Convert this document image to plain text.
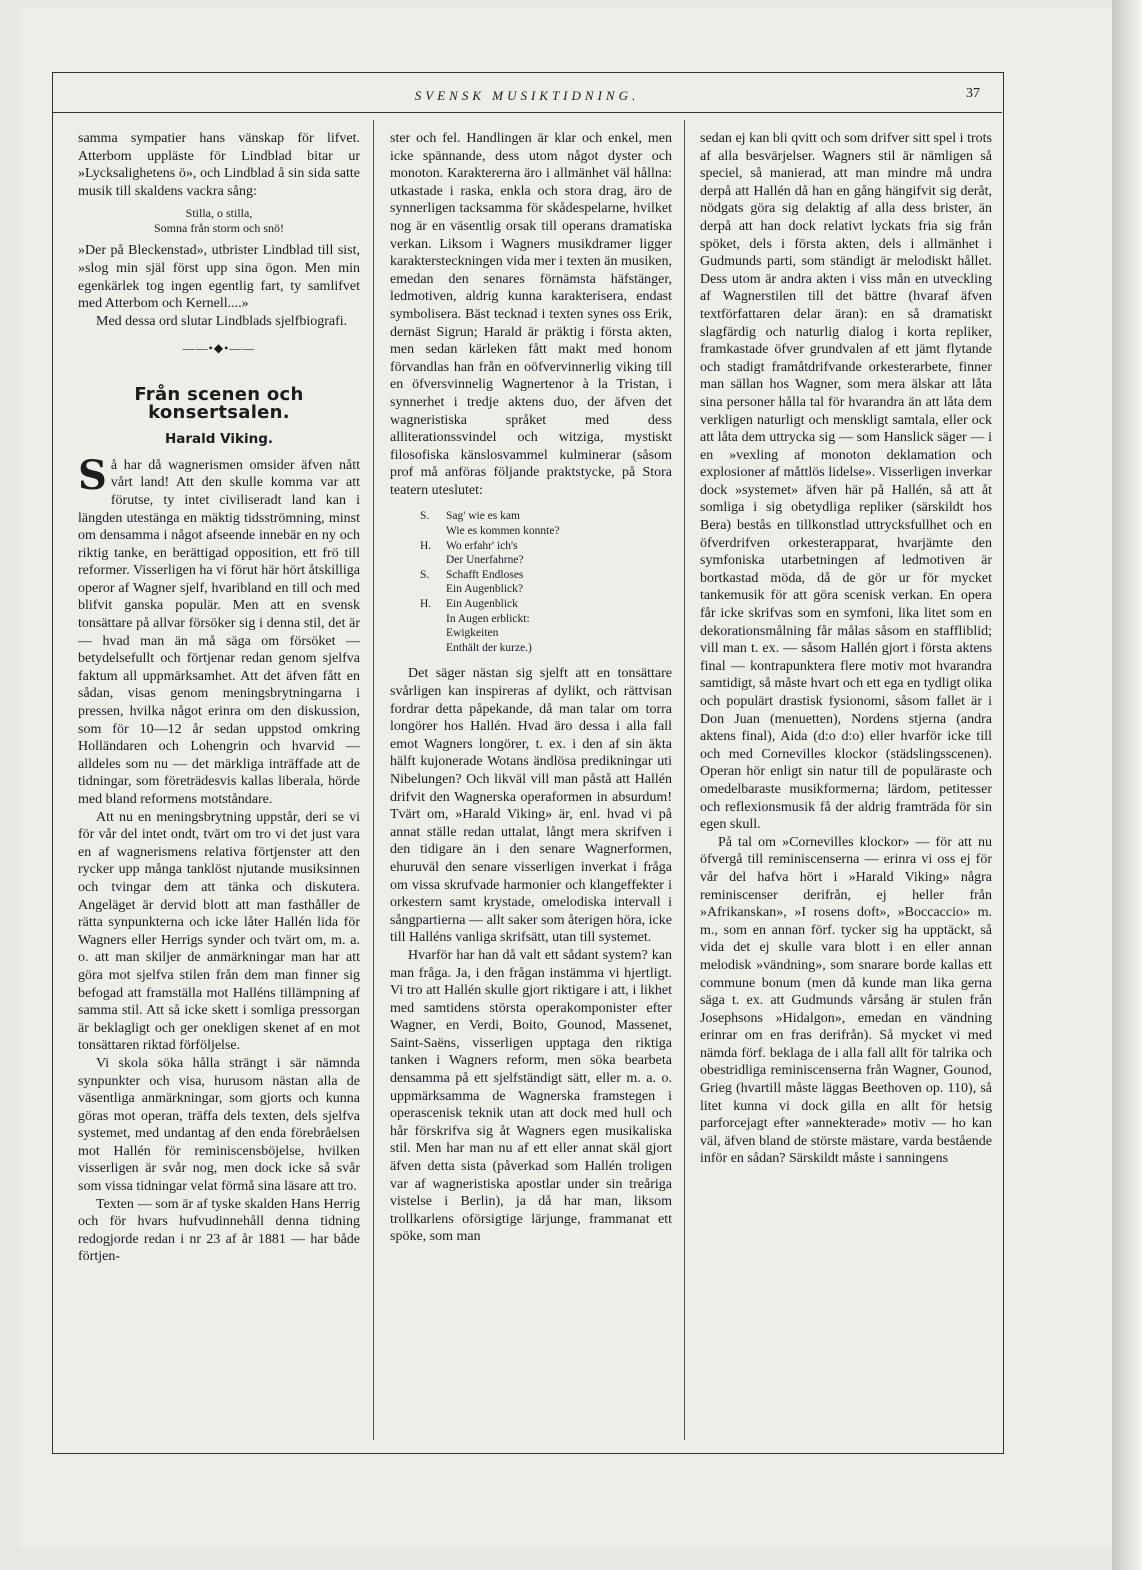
SVENSK MUSIKTIDNING.	37

samma sympatier hans vänskap för lifvet. Atterbom uppläste för Lindblad bitar ur »Lycksalighetens ö», och Lindblad å sin sida satte musik till skaldens vackra sång:

Stilla, o stilla,
Somna från storm och snö!

»Der på Bleckenstad», utbrister Lindblad till sist, »slog min själ först upp sina ögon. Men min egenkärlek tog ingen egentlig fart, ty samlifvet med Atterbom och Kernell....»

Med dessa ord slutar Lindblads sjelfbiografi.

——•◆•——
Från scenen och konsertsalen.
Harald Viking.

Så har då wagnerismen omsider äfven nått vårt land! Att den skulle komma var att förutse, ty intet civiliseradt land kan i längden utestänga en mäktig tidsströmning, minst om densamma i något afseende innebär en ny och riktig tanke, en berättigad opposition, ett frö till reformer. Visserligen ha vi förut här hört åtskilliga operor af Wagner sjelf, hvaribland en till och med blifvit ganska populär. Men att en svensk tonsättare på allvar försöker sig i denna stil, det är — hvad man än må säga om försöket — betydelsefullt och förtjenar redan genom sjelfva faktum all uppmärksamhet. Att det äfven fått en sådan, visas genom meningsbrytningarna i pressen, hvilka något erinra om den diskussion, som för 10—12 år sedan uppstod omkring Holländaren och Lohengrin och hvarvid — alldeles som nu — det märkliga inträffade att de tidningar, som företrädesvis kallas liberala, hörde med bland reformens motståndare.

Att nu en meningsbrytning uppstår, deri se vi för vår del intet ondt, tvärt om tro vi det just vara en af wagnerismens relativa förtjenster att den rycker upp många tanklöst njutande musiksinnen och tvingar dem att tänka och diskutera. Angeläget är dervid blott att man fasthåller de rätta synpunkterna och icke låter Hallén lida för Wagners eller Herrigs synder och tvärt om, m. a. o. att man skiljer de anmärkningar man har att göra mot sjelfva stilen från dem man finner sig befogad att framställa mot Halléns tillämpning af samma stil. Att så icke skett i somliga pressorgan är beklagligt och ger onekligen skenet af en mot tonsättaren riktad förföljelse.

Vi skola söka hålla strängt i sär nämnda synpunkter och visa, hurusom nästan alla de väsentliga anmärkningar, som gjorts och kunna göras mot operan, träffa dels texten, dels sjelfva systemet, med undantag af den enda förebråelsen mot Hallén för reminiscensböjelse, hvilken visserligen är svår nog, men dock icke så svår som vissa tidningar velat förmå sina läsare att tro.

Texten — som är af tyske skalden Hans Herrig och för hvars hufvudinnehåll denna tidning redogjorde redan i nr 23 af år 1881 — har både förtjen-

ster och fel. Handlingen är klar och enkel, men icke spännande, dess utom något dyster och monoton. Karaktererna äro i allmänhet väl hållna: utkastade i raska, enkla och stora drag, äro de synnerligen tacksamma för skådespelarne, hvilket nog är en väsentlig orsak till operans dramatiska verkan. Liksom i Wagners musikdramer ligger karaktersteckningen vida mer i texten än musiken, emedan den senares förnämsta häfstänger, ledmotiven, aldrig kunna karakterisera, endast symbolisera. Bäst tecknad i texten synes oss Erik, dernäst Sigrun; Harald är präktig i första akten, men sedan kärleken fått makt med honom förvandlas han från en oöfvervinnerlig viking till en öfversvinnelig Wagnertenor à la Tristan, i synnerhet i tredje aktens duo, der äfven det wagneristiska språket med dess alliterationssvindel och witziga, mystiskt filosofiska känslosvammel kulminerar (såsom prof må anföras följande praktstycke, på Stora teatern uteslutet:

S.	Sag' wie es kam
Wie es kommen konnte?
H.	Wo erfahr' ich's
Der Unerfahrne?
S.	Schafft Endloses
Ein Augenblick?
H.	Ein Augenblick
In Augen erblickt:
Ewigkeiten
Enthält der kurze.)

Det säger nästan sig sjelft att en tonsättare svårligen kan inspireras af dylikt, och rättvisan fordrar detta påpekande, då man talar om torra longörer hos Hallén. Hvad äro dessa i alla fall emot Wagners longörer, t. ex. i den af sin äkta hälft kujonerade Wotans ändlösa predikningar uti Nibelungen? Och likväl vill man påstå att Hallén drifvit den Wagnerska operaformen in absurdum! Tvärt om, »Harald Viking» är, enl. hvad vi på annat ställe redan uttalat, långt mera skrifven i den tidigare än i den senare Wagnerformen, ehuruväl den senare visserligen inverkat i fråga om vissa skrufvade harmonier och klangeffekter i orkestern samt krystade, omelodiska intervall i sångpartierna — allt saker som återigen höra, icke till Halléns vanliga skrifsätt, utan till systemet.

Hvarför har han då valt ett sådant system? kan man fråga. Ja, i den frågan instämma vi hjertligt. Vi tro att Hallén skulle gjort riktigare i att, i likhet med samtidens största operakomponister efter Wagner, en Verdi, Boito, Gounod, Massenet, Saint-Saëns, visserligen upptaga den riktiga tanken i Wagners reform, men söka bearbeta densamma på ett sjelfständigt sätt, eller m. a. o. uppmärksamma de Wagnerska framstegen i operascenisk teknik utan att dock med hull och hår förskrifva sig åt Wagners egen musikaliska stil. Men har man nu af ett eller annat skäl gjort äfven detta sista (påverkad som Hallén troligen var af wagneristiska apostlar under sin treåriga vistelse i Berlin), ja då har man, liksom trollkarlens oförsigtige lärjunge, frammanat ett spöke, som man

sedan ej kan bli qvitt och som drifver sitt spel i trots af alla besvärjelser. Wagners stil är nämligen så speciel, så manierad, att man mindre må undra derpå att Hallén då han en gång hängifvit sig deråt, nödgats göra sig delaktig af alla dess brister, än derpå att han dock relativt lyckats fria sig från spöket, dels i första akten, dels i allmänhet i Gudmunds parti, som ständigt är melodiskt hållet. Dess utom är andra akten i viss mån en utveckling af Wagnerstilen till det bättre (hvaraf äfven textförfattaren delar äran): en så dramatiskt slagfärdig och naturlig dialog i korta repliker, framkastade öfver grundvalen af ett jämt flytande och stadigt framåtdrifvande orkesterarbete, finner man sällan hos Wagner, som mera älskar att låta sina personer hålla tal för hvarandra än att låta dem verkligen naturligt och menskligt samtala, eller ock att låta dem uttrycka sig — som Hanslick säger — i en »vexling af monoton deklamation och explosioner af måttlös lidelse». Visserligen inverkar dock »systemet» äfven här på Hallén, så att åt somliga i sig obetydliga repliker (särskildt hos Bera) bestås en tillkonstlad uttrycksfullhet och en öfverdrifven orkesterapparat, hvarjämte den symfoniska utarbetningen af ledmotiven är bortkastad möda, då de gör ur för mycket tankemusik för att göra scenisk verkan. En opera får icke skrifvas som en symfoni, lika litet som en dekorationsmålning får målas såsom en staffliblid; vill man t. ex. — såsom Hallén gjort i första aktens final — kontrapunktera flere motiv mot hvarandra samtidigt, så måste hvart och ett ega en tydligt olika och populärt drastisk fysionomi, såsom fallet är i Don Juan (menuetten), Nordens stjerna (andra aktens final), Aida (d:o d:o) eller hvarför icke till och med Cornevilles klockor (städslingsscenen). Operan hör enligt sin natur till de populäraste och omedelbaraste musikformerna; lärdom, petitesser och reflexionsmusik få der aldrig framträda för sin egen skull.

På tal om »Cornevilles klockor» — för att nu öfvergå till reminiscenserna — erinra vi oss ej för vår del hafva hört i »Harald Viking» några reminiscenser derifrån, ej heller från »Afrikanskan», »I rosens doft», »Boccaccio» m. m., som en annan förf. tycker sig ha upptäckt, så vida det ej skulle vara blott i en eller annan melodisk »vändning», som snarare borde kallas ett commune bonum (men då kunde man lika gerna säga t. ex. att Gudmunds vårsång är stulen från Josephsons »Hidalgon», emedan en vändning erinrar om en fras derifrån). Så mycket vi med nämda förf. beklaga de i alla fall allt för talrika och obestridliga reminiscenserna från Wagner, Gounod, Grieg (hvartill måste läggas Beethoven op. 110), så litet kunna vi dock gilla en allt för hetsig parforcejagt efter »annekterade» motiv — ho kan väl, äfven bland de störste mästare, varda bestående inför en sådan? Särskildt måste i sanningens
